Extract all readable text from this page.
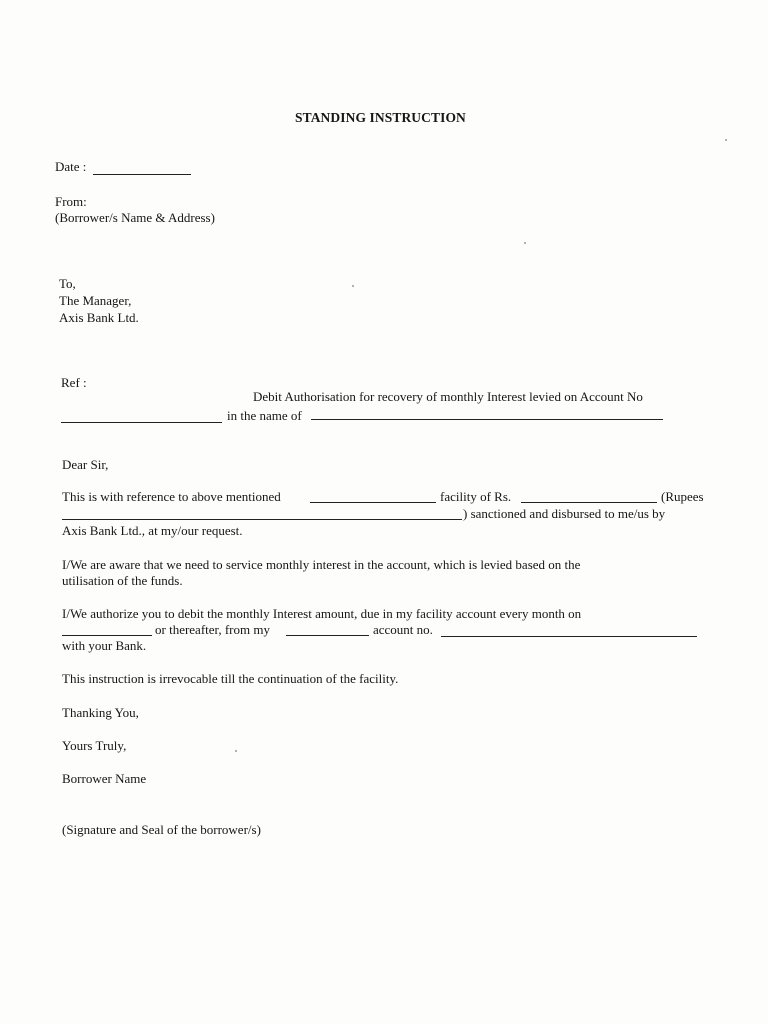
STANDING INSTRUCTION
Date :
From:
(Borrower/s Name & Address)
To,
The Manager,
Axis Bank Ltd.
Ref :
Debit Authorisation for recovery of monthly Interest levied on Account No
in the name of
Dear Sir,
This is with reference to above mentioned	facility of Rs.	(Rupees
) sanctioned and disbursed to me/us by
Axis Bank Ltd., at my/our request.
I/We are aware that we need to service monthly interest in the account, which is levied based on the
utilisation of the funds.
I/We authorize you to debit the monthly Interest amount, due in my facility account every month on
or thereafter, from my	account no.
with your Bank.
This instruction is irrevocable till the continuation of the facility.
Thanking You,
Yours Truly,
Borrower Name
(Signature and Seal of the borrower/s)
